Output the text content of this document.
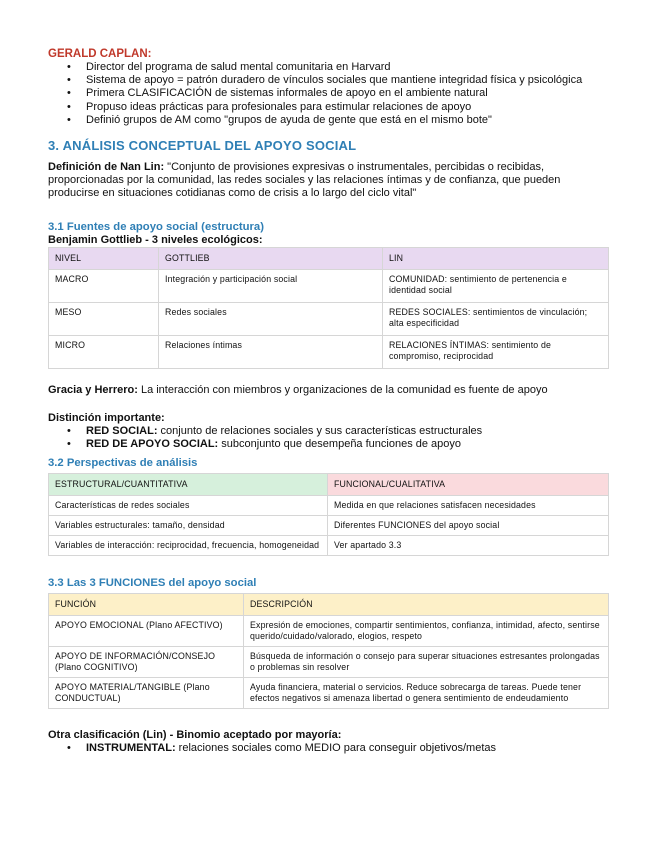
GERALD CAPLAN:

• Director del programa de salud mental comunitaria en Harvard
• Sistema de apoyo = patrón duradero de vínculos sociales que mantiene integridad física y psicológica
• Primera CLASIFICACIÓN de sistemas informales de apoyo en el ambiente natural
• Propuso ideas prácticas para profesionales para estimular relaciones de apoyo
• Definió grupos de AM como "grupos de ayuda de gente que está en el mismo bote"
3. ANÁLISIS CONCEPTUAL DEL APOYO SOCIAL

Definición de Nan Lin: "Conjunto de provisiones expresivas o instrumentales, percibidas o recibidas, proporcionadas por la comunidad, las redes sociales y las relaciones íntimas y de confianza, que pueden producirse en situaciones cotidianas como de crisis a lo largo del ciclo vital"

3.1 Fuentes de apoyo social (estructura)

Benjamin Gottlieb - 3 niveles ecológicos:

NIVEL	GOTTLIEB	LIN
MACRO	Integración y participación social	COMUNIDAD: sentimiento de pertenencia e identidad social
MESO	Redes sociales	REDES SOCIALES: sentimientos de vinculación; alta especificidad
MICRO	Relaciones íntimas	RELACIONES ÍNTIMAS: sentimiento de compromiso, reciprocidad

Gracia y Herrero: La interacción con miembros y organizaciones de la comunidad es fuente de apoyo

Distinción importante:

• RED SOCIAL: conjunto de relaciones sociales y sus características estructurales
• RED DE APOYO SOCIAL: subconjunto que desempeña funciones de apoyo
3.2 Perspectivas de análisis
ESTRUCTURAL/CUANTITATIVA	FUNCIONAL/CUALITATIVA
Características de redes sociales	Medida en que relaciones satisfacen necesidades
Variables estructurales: tamaño, densidad	Diferentes FUNCIONES del apoyo social
Variables de interacción: reciprocidad, frecuencia, homogeneidad	Ver apartado 3.3
3.3 Las 3 FUNCIONES del apoyo social
FUNCIÓN	DESCRIPCIÓN
APOYO EMOCIONAL (Plano AFECTIVO)	Expresión de emociones, compartir sentimientos, confianza, intimidad, afecto, sentirse querido/cuidado/valorado, elogios, respeto
APOYO DE INFORMACIÓN/CONSEJO (Plano COGNITIVO)	Búsqueda de información o consejo para superar situaciones estresantes prolongadas o problemas sin resolver
APOYO MATERIAL/TANGIBLE (Plano CONDUCTUAL)	Ayuda financiera, material o servicios. Reduce sobrecarga de tareas. Puede tener efectos negativos si amenaza libertad o genera sentimiento de endeudamiento

Otra clasificación (Lin) - Binomio aceptado por mayoría:

• INSTRUMENTAL: relaciones sociales como MEDIO para conseguir objetivos/metas
